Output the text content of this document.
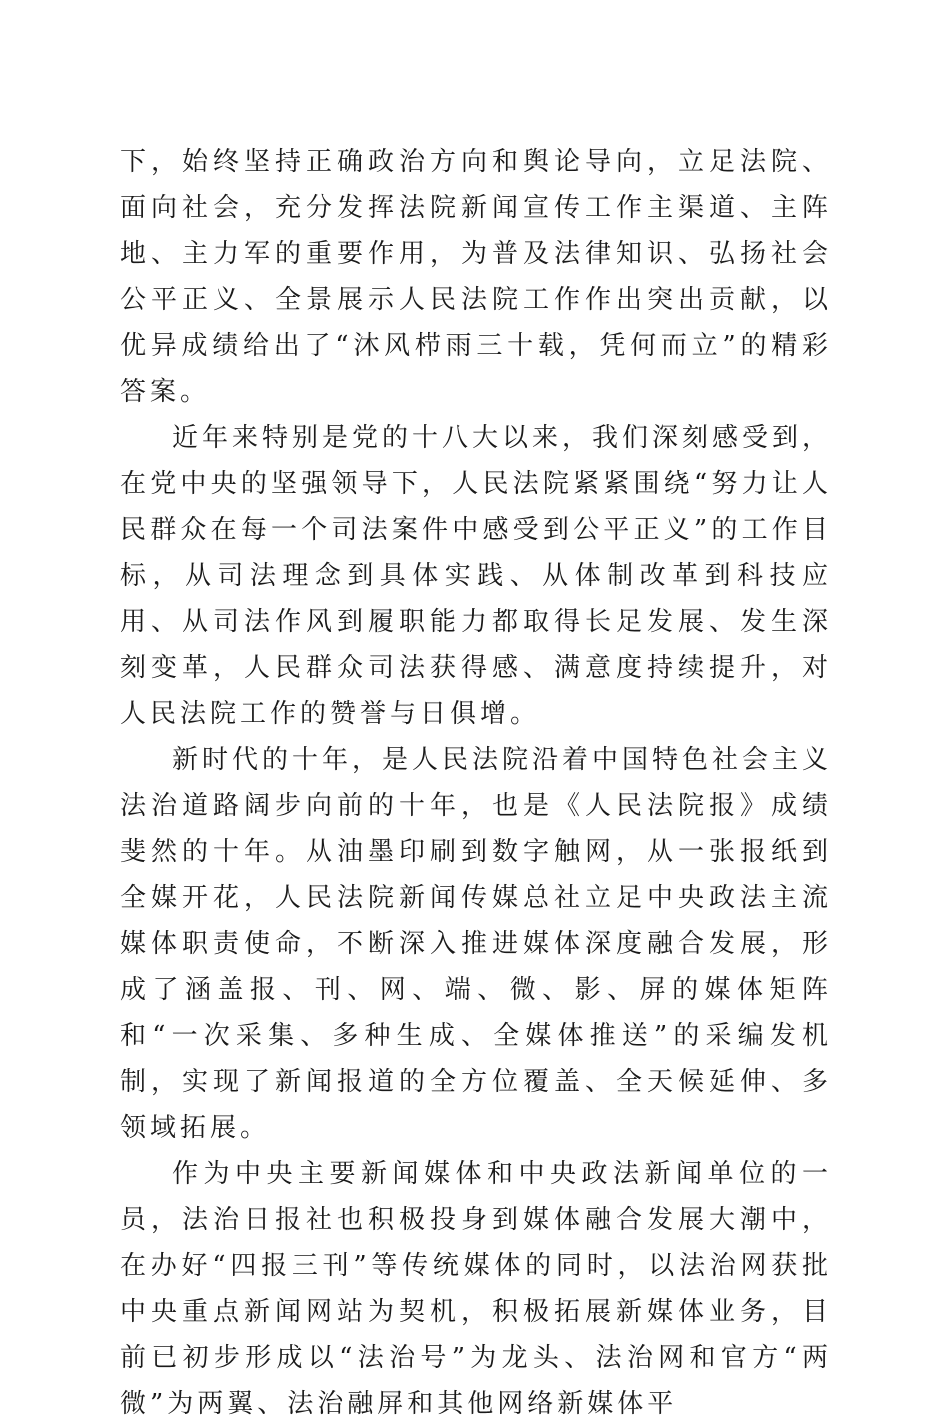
下，始终坚持正确政治方向和舆论导向，立足法院、面向社会，充分发挥法院新闻宣传工作主渠道、主阵地、主力军的重要作用，为普及法律知识、弘扬社会公平正义、全景展示人民法院工作作出突出贡献，以优异成绩给出了“沐风栉雨三十载，凭何而立”的精彩答案。

近年来特别是党的十八大以来，我们深刻感受到，在党中央的坚强领导下，人民法院紧紧围绕“努力让人民群众在每一个司法案件中感受到公平正义”的工作目标，从司法理念到具体实践、从体制改革到科技应用、从司法作风到履职能力都取得长足发展、发生深刻变革，人民群众司法获得感、满意度持续提升，对人民法院工作的赞誉与日俱增。

新时代的十年，是人民法院沿着中国特色社会主义法治道路阔步向前的十年，也是《人民法院报》成绩斐然的十年。从油墨印刷到数字触网，从一张报纸到全媒开花，人民法院新闻传媒总社立足中央政法主流媒体职责使命，不断深入推进媒体深度融合发展，形成了涵盖报、刊、网、端、微、影、屏的媒体矩阵和“一次采集、多种生成、全媒体推送”的采编发机制，实现了新闻报道的全方位覆盖、全天候延伸、多领域拓展。

作为中央主要新闻媒体和中央政法新闻单位的一员，法治日报社也积极投身到媒体融合发展大潮中，在办好“四报三刊”等传统媒体的同时，以法治网获批中央重点新闻网站为契机，积极拓展新媒体业务，目前已初步形成以“法治号”为龙头、法治网和官方“两微”为两翼、法治融屏和其他网络新媒体平
